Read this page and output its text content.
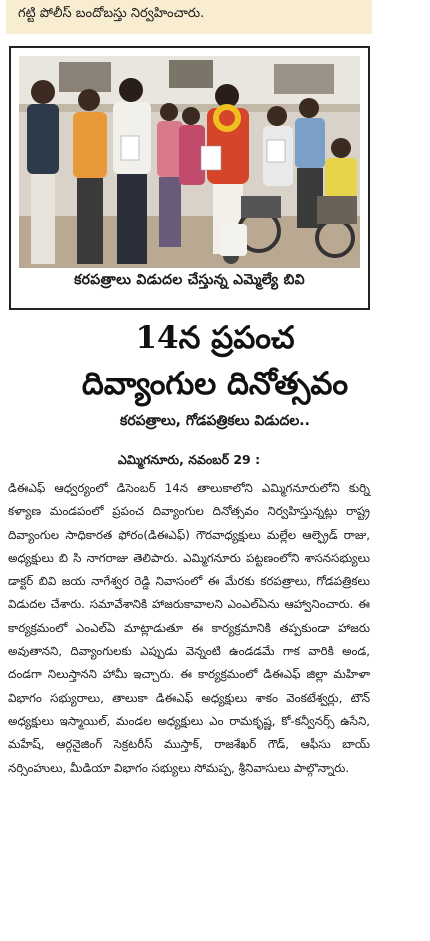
గట్టి పోలీస్ బందోబస్తు నిర్వహించారు.
కరపత్రాలు విడుదల చేస్తున్న ఎమ్మెల్యే బివి
14న ప్రపంచ
దివ్యాంగుల దినోత్సవం
కరపత్రాలు, గోడపత్రికలు విడుదల..
ఎమ్మిగనూరు, నవంబర్ 29 :

డిఈఎఫ్ ఆధ్వర్యంలో డిసెంబర్ 14న తాలుకాలోని ఎమ్మిగనూరులోని కుర్ని కళ్యాణ మండపంలో ప్రపంచ దివ్యాంగుల దినోత్సవం నిర్వహిస్తున్నట్లు రాష్ట్ర దివ్యాంగుల సాధికారత ఫోరం(డిఈఎఫ్) గౌరవాధ్యక్షులు మల్లేల ఆల్ఫ్రెడ్ రాజు, అధ్యక్షులు బి సి నాగరాజు తెలిపారు. ఎమ్మిగనూరు పట్టణంలోని శాసనసభ్యులు డాక్టర్ బివి జయ నాగేశ్వర రెడ్డి నివాసంలో ఈ మేరకు కరపత్రాలు, గోడపత్రికలు విడుదల చేశారు. సమావేశానికి హాజరుకావాలని ఎంఎల్ఏను ఆహ్వానించారు. ఈ కార్యక్రమంలో ఎంఎల్ఏ మాట్లాడుతూ ఈ కార్యక్రమానికి తప్పకుండా హాజరు అవుతానని, దివ్యాంగులకు ఎప్పుడు వెన్నంటి ఉండడమే గాక వారికి అండ, దండగా నిలుస్తానని హామీ ఇచ్చారు. ఈ కార్యక్రమంలో డిఈఎఫ్ జిల్లా మహిళా విభాగం సభ్యురాలు, తాలుకా డిఈఎఫ్ అధ్యక్షులు శాకం వెంకటేశ్వర్లు, టౌన్ అధ్యక్షులు ఇస్మాయిల్, మండల అధ్యక్షులు ఎం రామకృష్ణ, కో-కన్వీనర్స్ ఉసేని, మహేష్, ఆర్గనైజింగ్ సెక్రటరీస్ ముస్తాక్, రాజశేఖర్ గౌడ్, ఆఫీసు బాయ్ నర్సింహులు, మీడియా విభాగం సభ్యులు సోమప్ప, శ్రీనివాసులు పాల్గొన్నారు.
